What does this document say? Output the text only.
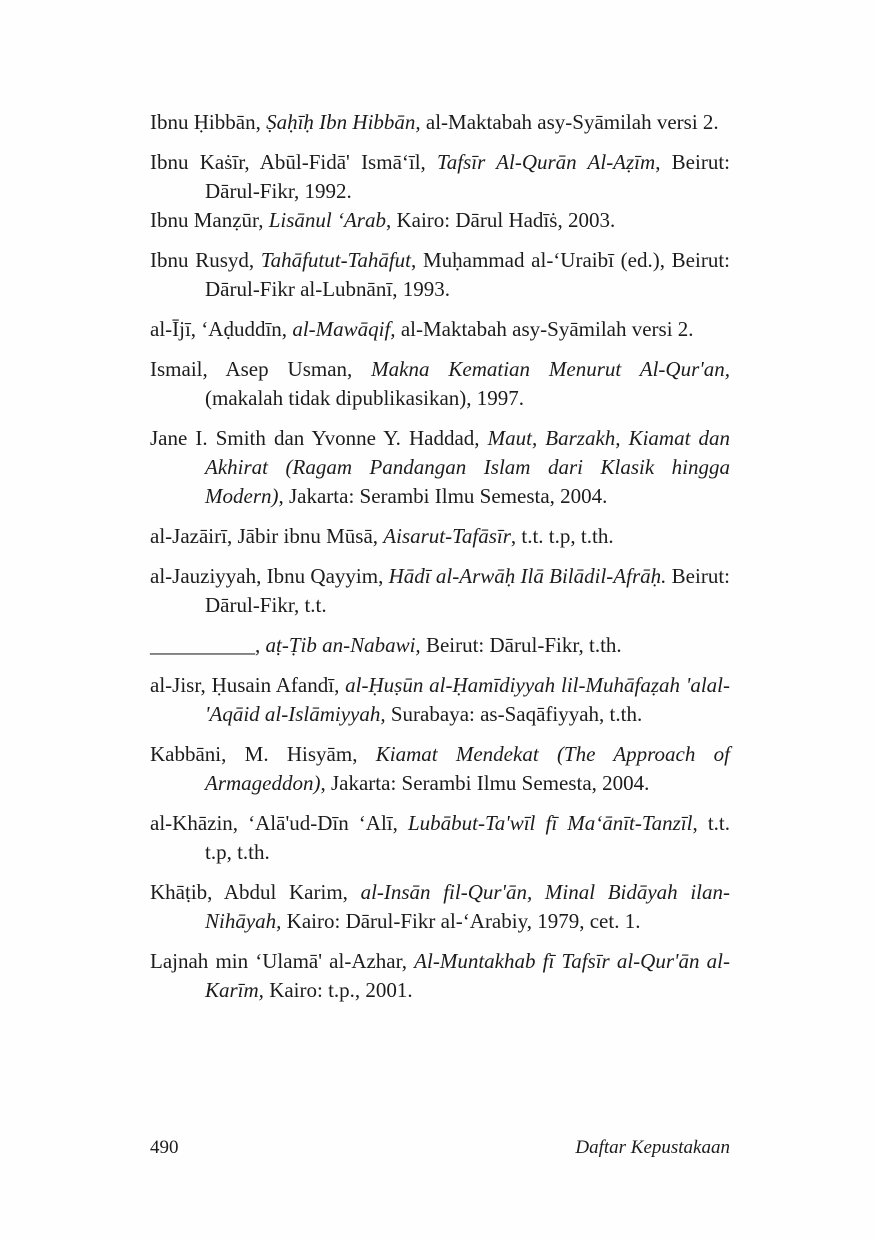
Ibnu Ḥibbān, Ṣaḥīḥ Ibn Hibbān, al-Maktabah asy-Syāmilah versi 2.

Ibnu Kaṡīr, Abūl-Fidā' Ismā‘īl, Tafsīr Al-Qurān Al-Aẓīm, Beirut: Dārul-Fikr, 1992.

Ibnu Manẓūr, Lisānul ‘Arab, Kairo: Dārul Hadīṡ, 2003.

Ibnu Rusyd, Tahāfutut-Tahāfut, Muḥammad al-‘Uraibī (ed.), Beirut: Dārul-Fikr al-Lubnānī, 1993.

al-Ījī, ‘Aḍuddīn, al-Mawāqif, al-Maktabah asy-Syāmilah versi 2.

Ismail, Asep Usman, Makna Kematian Menurut Al-Qur'an, (makalah tidak dipublikasikan), 1997.

Jane I. Smith dan Yvonne Y. Haddad, Maut, Barzakh, Kiamat dan Akhirat (Ragam Pandangan Islam dari Klasik hingga Modern), Jakarta: Serambi Ilmu Semesta, 2004.

al-Jazāirī, Jābir ibnu Mūsā, Aisarut-Tafāsīr, t.t. t.p, t.th.

al-Jauziyyah, Ibnu Qayyim, Hādī al-Arwāḥ Ilā Bilādil-Afrāḥ. Beirut: Dārul-Fikr, t.t.

__________, aṭ-Ṭib an-Nabawi, Beirut: Dārul-Fikr, t.th.

al-Jisr, Ḥusain Afandī, al-Ḥuṣūn al-Ḥamīdiyyah lil-Muhāfaẓah 'alal-'Aqāid al-Islāmiyyah, Surabaya: as-Saqāfiyyah, t.th.

Kabbāni, M. Hisyām, Kiamat Mendekat (The Approach of Armageddon), Jakarta: Serambi Ilmu Semesta, 2004.

al-Khāzin, ‘Alā'ud-Dīn ‘Alī, Lubābut-Ta'wīl fī Ma‘ānīt-Tanzīl, t.t. t.p, t.th.

Khāṭib, Abdul Karim, al-Insān fil-Qur'ān, Minal Bidāyah ilan-Nihāyah, Kairo: Dārul-Fikr al-‘Arabiy, 1979, cet. 1.

Lajnah min ‘Ulamā' al-Azhar, Al-Muntakhab fī Tafsīr al-Qur'ān al-Karīm, Kairo: t.p., 2001.

490	Daftar Kepustakaan
